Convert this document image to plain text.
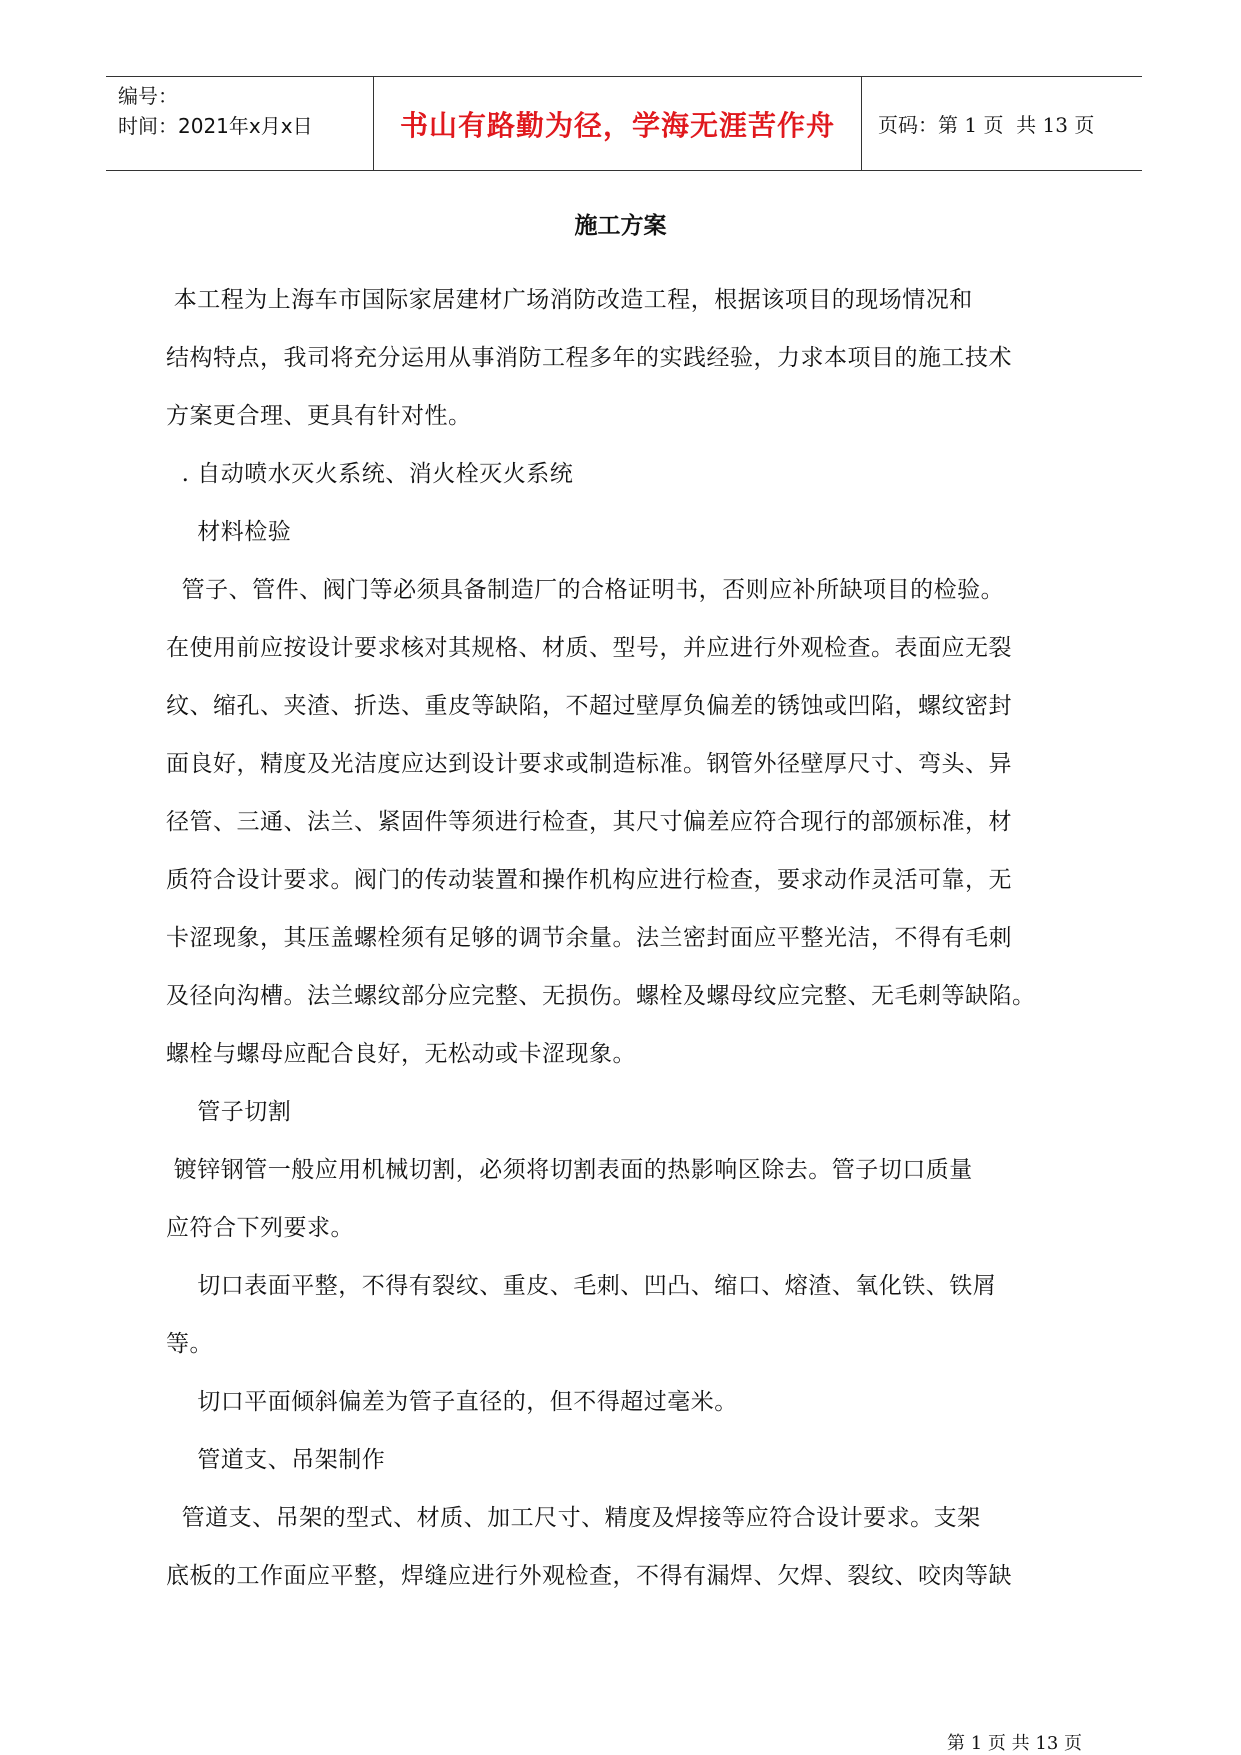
编号：
时间：2021年x月x日	书山有路勤为径，学海无涯苦作舟	页码：第 1 页  共 13 页
施工方案

本工程为上海车市国际家居建材广场消防改造工程，根据该项目的现场情况和

结构特点，我司将充分运用从事消防工程多年的实践经验，力求本项目的施工技术

方案更合理、更具有针对性。

. 自动喷水灭火系统、消火栓灭火系统

材料检验

管子、管件、阀门等必须具备制造厂的合格证明书，否则应补所缺项目的检验。

在使用前应按设计要求核对其规格、材质、型号，并应进行外观检查。表面应无裂

纹、缩孔、夹渣、折迭、重皮等缺陷，不超过壁厚负偏差的锈蚀或凹陷，螺纹密封

面良好，精度及光洁度应达到设计要求或制造标准。钢管外径壁厚尺寸、弯头、异

径管、三通、法兰、紧固件等须进行检查，其尺寸偏差应符合现行的部颁标准，材

质符合设计要求。阀门的传动装置和操作机构应进行检查，要求动作灵活可靠，无

卡涩现象，其压盖螺栓须有足够的调节余量。法兰密封面应平整光洁，不得有毛刺

及径向沟槽。法兰螺纹部分应完整、无损伤。螺栓及螺母纹应完整、无毛刺等缺陷。

螺栓与螺母应配合良好，无松动或卡涩现象。

管子切割

镀锌钢管一般应用机械切割，必须将切割表面的热影响区除去。管子切口质量

应符合下列要求。

切口表面平整，不得有裂纹、重皮、毛刺、凹凸、缩口、熔渣、氧化铁、铁屑

等。

切口平面倾斜偏差为管子直径的，但不得超过毫米。

管道支、吊架制作

管道支、吊架的型式、材质、加工尺寸、精度及焊接等应符合设计要求。支架

底板的工作面应平整，焊缝应进行外观检查，不得有漏焊、欠焊、裂纹、咬肉等缺

第 1 页 共 13 页
